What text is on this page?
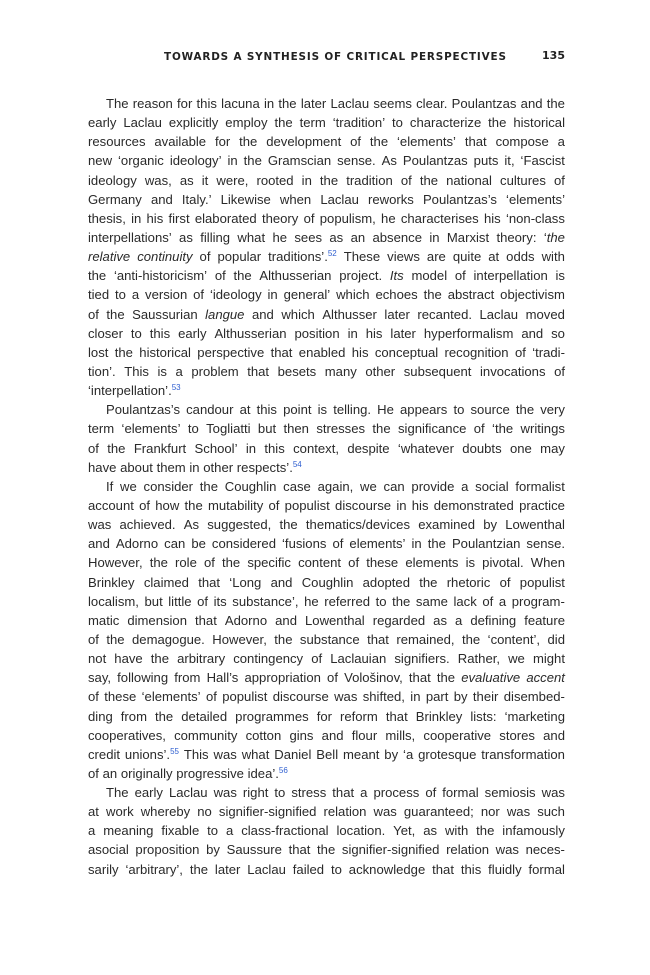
TOWARDS A SYNTHESIS OF CRITICAL PERSPECTIVES	135
The reason for this lacuna in the later Laclau seems clear. Poulantzas and the
early Laclau explicitly employ the term ‘tradition’ to characterize the historical
resources available for the development of the ‘elements’ that compose a
new ‘organic ideology’ in the Gramscian sense. As Poulantzas puts it, ‘Fascist
ideology was, as it were, rooted in the tradition of the national cultures of
Germany and Italy.’ Likewise when Laclau reworks Poulantzas’s ‘elements’
thesis, in his first elaborated theory of populism, he characterises his ‘non-class
interpellations’ as filling what he sees as an absence in Marxist theory: ‘the
relative continuity of popular traditions’.$^{52}$ These views are quite at odds with
the ‘anti-historicism’ of the Althusserian project. Its model of interpellation is
tied to a version of ‘ideology in general’ which echoes the abstract objectivism
of the Saussurian langue and which Althusser later recanted. Laclau moved
closer to this early Althusserian position in his later hyperformalism and so
lost the historical perspective that enabled his conceptual recognition of ‘tradi-
tion’. This is a problem that besets many other subsequent invocations of
‘interpellation’.$^{53}$
Poulantzas’s candour at this point is telling. He appears to source the very
term ‘elements’ to Togliatti but then stresses the significance of ‘the writings
of the Frankfurt School’ in this context, despite ‘whatever doubts one may
have about them in other respects’.$^{54}$
If we consider the Coughlin case again, we can provide a social formalist
account of how the mutability of populist discourse in his demonstrated practice
was achieved. As suggested, the thematics/devices examined by Lowenthal
and Adorno can be considered ‘fusions of elements’ in the Poulantzian sense.
However, the role of the specific content of these elements is pivotal. When
Brinkley claimed that ‘Long and Coughlin adopted the rhetoric of populist
localism, but little of its substance’, he referred to the same lack of a program-
matic dimension that Adorno and Lowenthal regarded as a defining feature
of the demagogue. However, the substance that remained, the ‘content’, did
not have the arbitrary contingency of Laclauian signifiers. Rather, we might
say, following from Hall’s appropriation of Vološinov, that the evaluative accent
of these ‘elements’ of populist discourse was shifted, in part by their disembed-
ding from the detailed programmes for reform that Brinkley lists: ‘marketing
cooperatives, community cotton gins and flour mills, cooperative stores and
credit unions’.$^{55}$ This was what Daniel Bell meant by ‘a grotesque transformation
of an originally progressive idea’.$^{56}$
The early Laclau was right to stress that a process of formal semiosis was
at work whereby no signifier-signified relation was guaranteed; nor was such
a meaning fixable to a class-fractional location. Yet, as with the infamously
asocial proposition by Saussure that the signifier-signified relation was neces-
sarily ‘arbitrary’, the later Laclau failed to acknowledge that this fluidly formal
